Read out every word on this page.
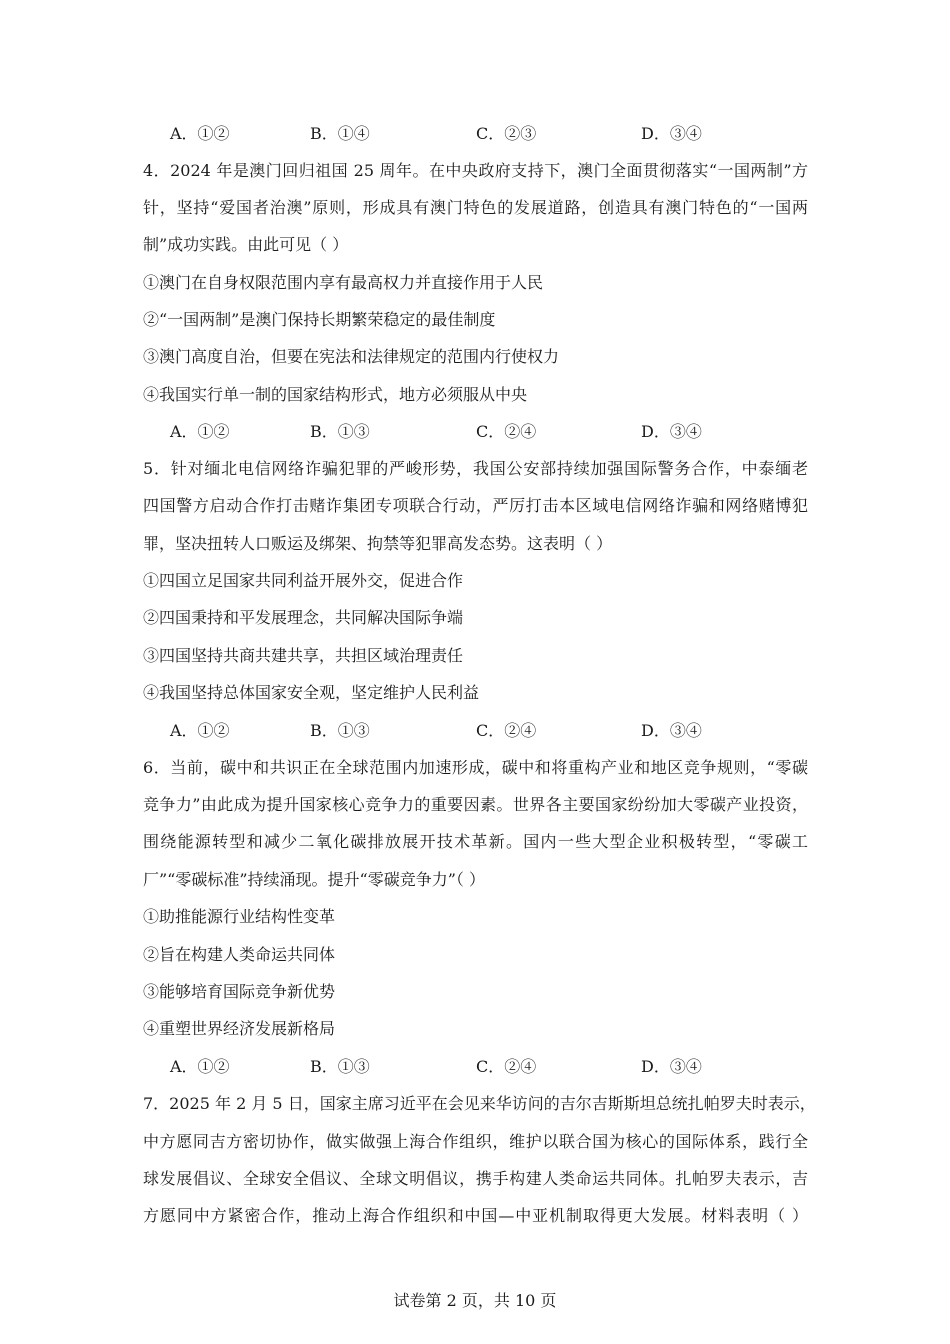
A．①②	B．①④	C．②③	D．③④
4．2024 年是澳门回归祖国 25 周年。在中央政府支持下，澳门全面贯彻落实“一国两制”方
针，坚持“爱国者治澳”原则，形成具有澳门特色的发展道路，创造具有澳门特色的“一国两
制”成功实践。由此可见（ ）
①澳门在自身权限范围内享有最高权力并直接作用于人民
②“一国两制”是澳门保持长期繁荣稳定的最佳制度
③澳门高度自治，但要在宪法和法律规定的范围内行使权力
④我国实行单一制的国家结构形式，地方必须服从中央
A．①②	B．①③	C．②④	D．③④
5．针对缅北电信网络诈骗犯罪的严峻形势，我国公安部持续加强国际警务合作，中泰缅老
四国警方启动合作打击赌诈集团专项联合行动，严厉打击本区域电信网络诈骗和网络赌博犯
罪，坚决扭转人口贩运及绑架、拘禁等犯罪高发态势。这表明（ ）
①四国立足国家共同利益开展外交，促进合作
②四国秉持和平发展理念，共同解决国际争端
③四国坚持共商共建共享，共担区域治理责任
④我国坚持总体国家安全观，坚定维护人民利益
A．①②	B．①③	C．②④	D．③④
6．当前，碳中和共识正在全球范围内加速形成，碳中和将重构产业和地区竞争规则，“零碳
竞争力”由此成为提升国家核心竞争力的重要因素。世界各主要国家纷纷加大零碳产业投资，
围绕能源转型和减少二氧化碳排放展开技术革新。国内一些大型企业积极转型，“零碳工
厂”“零碳标准”持续涌现。提升“零碳竞争力”（ ）
①助推能源行业结构性变革
②旨在构建人类命运共同体
③能够培育国际竞争新优势
④重塑世界经济发展新格局
A．①②	B．①③	C．②④	D．③④
7．2025 年 2 月 5 日，国家主席习近平在会见来华访问的吉尔吉斯斯坦总统扎帕罗夫时表示，
中方愿同吉方密切协作，做实做强上海合作组织，维护以联合国为核心的国际体系，践行全
球发展倡议、全球安全倡议、全球文明倡议，携手构建人类命运共同体。扎帕罗夫表示，吉
方愿同中方紧密合作，推动上海合作组织和中国—中亚机制取得更大发展。材料表明（ ）
试卷第 2 页，共 10 页
